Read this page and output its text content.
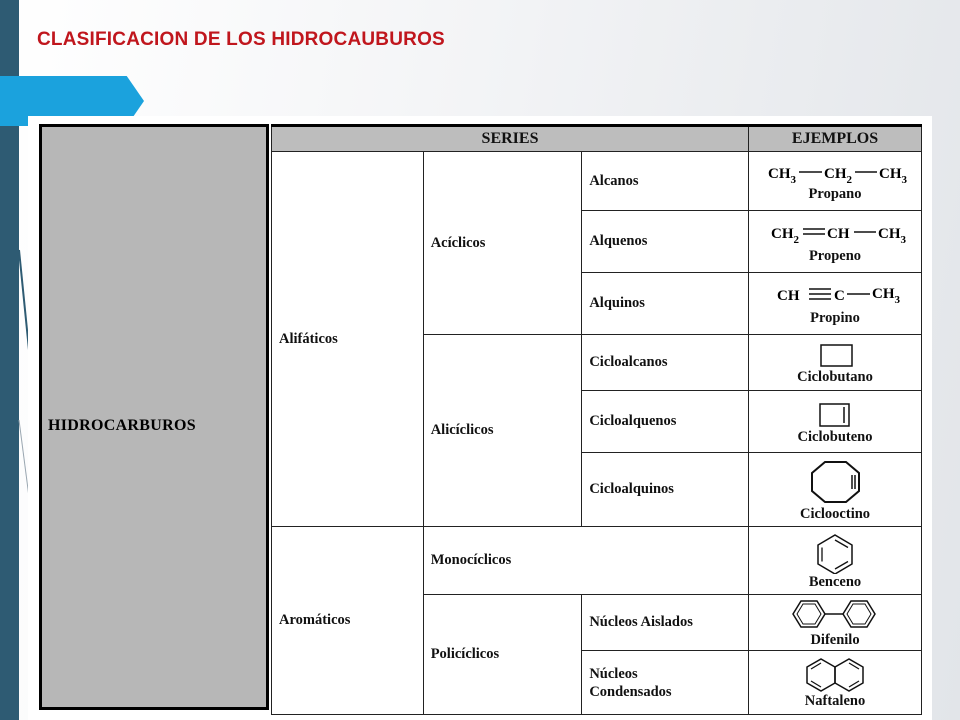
CLASIFICACION DE LOS HIDROCAUBUROS
HIDROCARBUROS
SERIES			EJEMPLOS
Alifáticos	Acíclicos	Alcanos	$CH_3$ $CH_2$ $CH_3$
Propano

		Alquenos	$CH_2$ CH $CH_3$
Propeno

		Alquinos	CH C $CH_3$
Propino

	Alicíclicos	Cicloalcanos	Ciclobutano

		Cicloalquenos	Ciclobuteno

		Cicloalquinos	Ciclooctino

Aromáticos	Monocíclicos		Benceno

	Policíclicos	Núcleos Aislados	Difenilo

		Núcleos
Condensados	Naftaleno
